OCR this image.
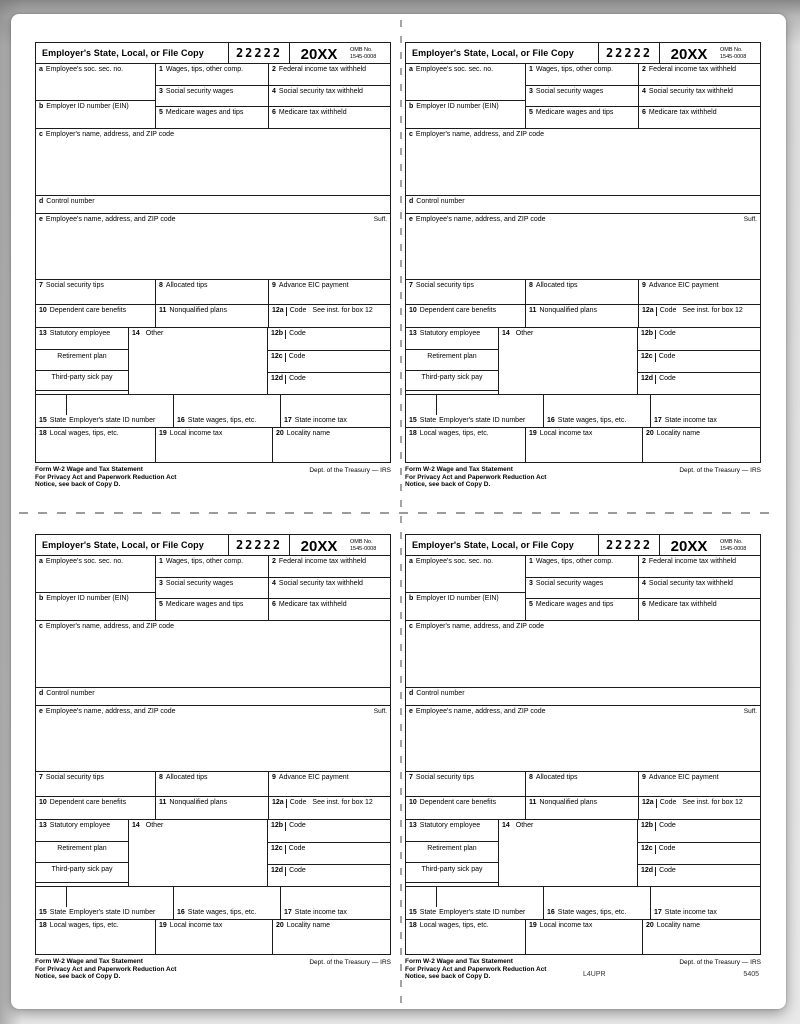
Employer's State, Local, or File Copy	22222	20XX	OMB No.
1545-0008
a Employee's soc. sec. no.
b Employer ID number (EIN)
1 Wages, tips, other comp.	2 Federal income tax withheld
3 Social security wages	4 Social security tax withheld
5 Medicare wages and tips	6 Medicare tax withheld
c Employer's name, address, and ZIP code
d Control number
e Employee's name, address, and ZIP code	Suff.
7 Social security tips	8 Allocated tips	9 Advance EIC payment
10 Dependent care benefits	11 Nonqualified plans	12a Code See inst. for box 12
13 Statutory employee
Retirement plan
Third-party sick pay
14 Other	12b Code
12c Code
12d Code
15 State Employer's state ID number	16 State wages, tips, etc.	17 State income tax
18 Local wages, tips, etc.	19 Local income tax	20 Locality name
Form W-2 Wage and Tax Statement
For Privacy Act and Paperwork Reduction Act
Notice, see back of Copy D.
Dept. of the Treasury — IRS
Employer's State, Local, or File Copy	22222	20XX	OMB No.
1545-0008
a Employee's soc. sec. no.
b Employer ID number (EIN)
1 Wages, tips, other comp.	2 Federal income tax withheld
3 Social security wages	4 Social security tax withheld
5 Medicare wages and tips	6 Medicare tax withheld
c Employer's name, address, and ZIP code
d Control number
e Employee's name, address, and ZIP code	Suff.
7 Social security tips	8 Allocated tips	9 Advance EIC payment
10 Dependent care benefits	11 Nonqualified plans	12a Code See inst. for box 12
13 Statutory employee
Retirement plan
Third-party sick pay
14 Other	12b Code
12c Code
12d Code
15 State Employer's state ID number	16 State wages, tips, etc.	17 State income tax
18 Local wages, tips, etc.	19 Local income tax	20 Locality name
Form W-2 Wage and Tax Statement
For Privacy Act and Paperwork Reduction Act
Notice, see back of Copy D.
Dept. of the Treasury — IRS
Employer's State, Local, or File Copy	22222	20XX	OMB No.
1545-0008
a Employee's soc. sec. no.
b Employer ID number (EIN)
1 Wages, tips, other comp.	2 Federal income tax withheld
3 Social security wages	4 Social security tax withheld
5 Medicare wages and tips	6 Medicare tax withheld
c Employer's name, address, and ZIP code
d Control number
e Employee's name, address, and ZIP code	Suff.
7 Social security tips	8 Allocated tips	9 Advance EIC payment
10 Dependent care benefits	11 Nonqualified plans	12a Code See inst. for box 12
13 Statutory employee
Retirement plan
Third-party sick pay
14 Other	12b Code
12c Code
12d Code
15 State Employer's state ID number	16 State wages, tips, etc.	17 State income tax
18 Local wages, tips, etc.	19 Local income tax	20 Locality name
Form W-2 Wage and Tax Statement
For Privacy Act and Paperwork Reduction Act
Notice, see back of Copy D.
Dept. of the Treasury — IRS
L4UPR	5405
Employer's State, Local, or File Copy	22222	20XX	OMB No.
1545-0008
a Employee's soc. sec. no.
b Employer ID number (EIN)
1 Wages, tips, other comp.	2 Federal income tax withheld
3 Social security wages	4 Social security tax withheld
5 Medicare wages and tips	6 Medicare tax withheld
c Employer's name, address, and ZIP code
d Control number
e Employee's name, address, and ZIP code	Suff.
7 Social security tips	8 Allocated tips	9 Advance EIC payment
10 Dependent care benefits	11 Nonqualified plans	12a Code See inst. for box 12
13 Statutory employee
Retirement plan
Third-party sick pay
14 Other	12b Code
12c Code
12d Code
15 State Employer's state ID number	16 State wages, tips, etc.	17 State income tax
18 Local wages, tips, etc.	19 Local income tax	20 Locality name
Form W-2 Wage and Tax Statement
For Privacy Act and Paperwork Reduction Act
Notice, see back of Copy D.
Dept. of the Treasury — IRS
